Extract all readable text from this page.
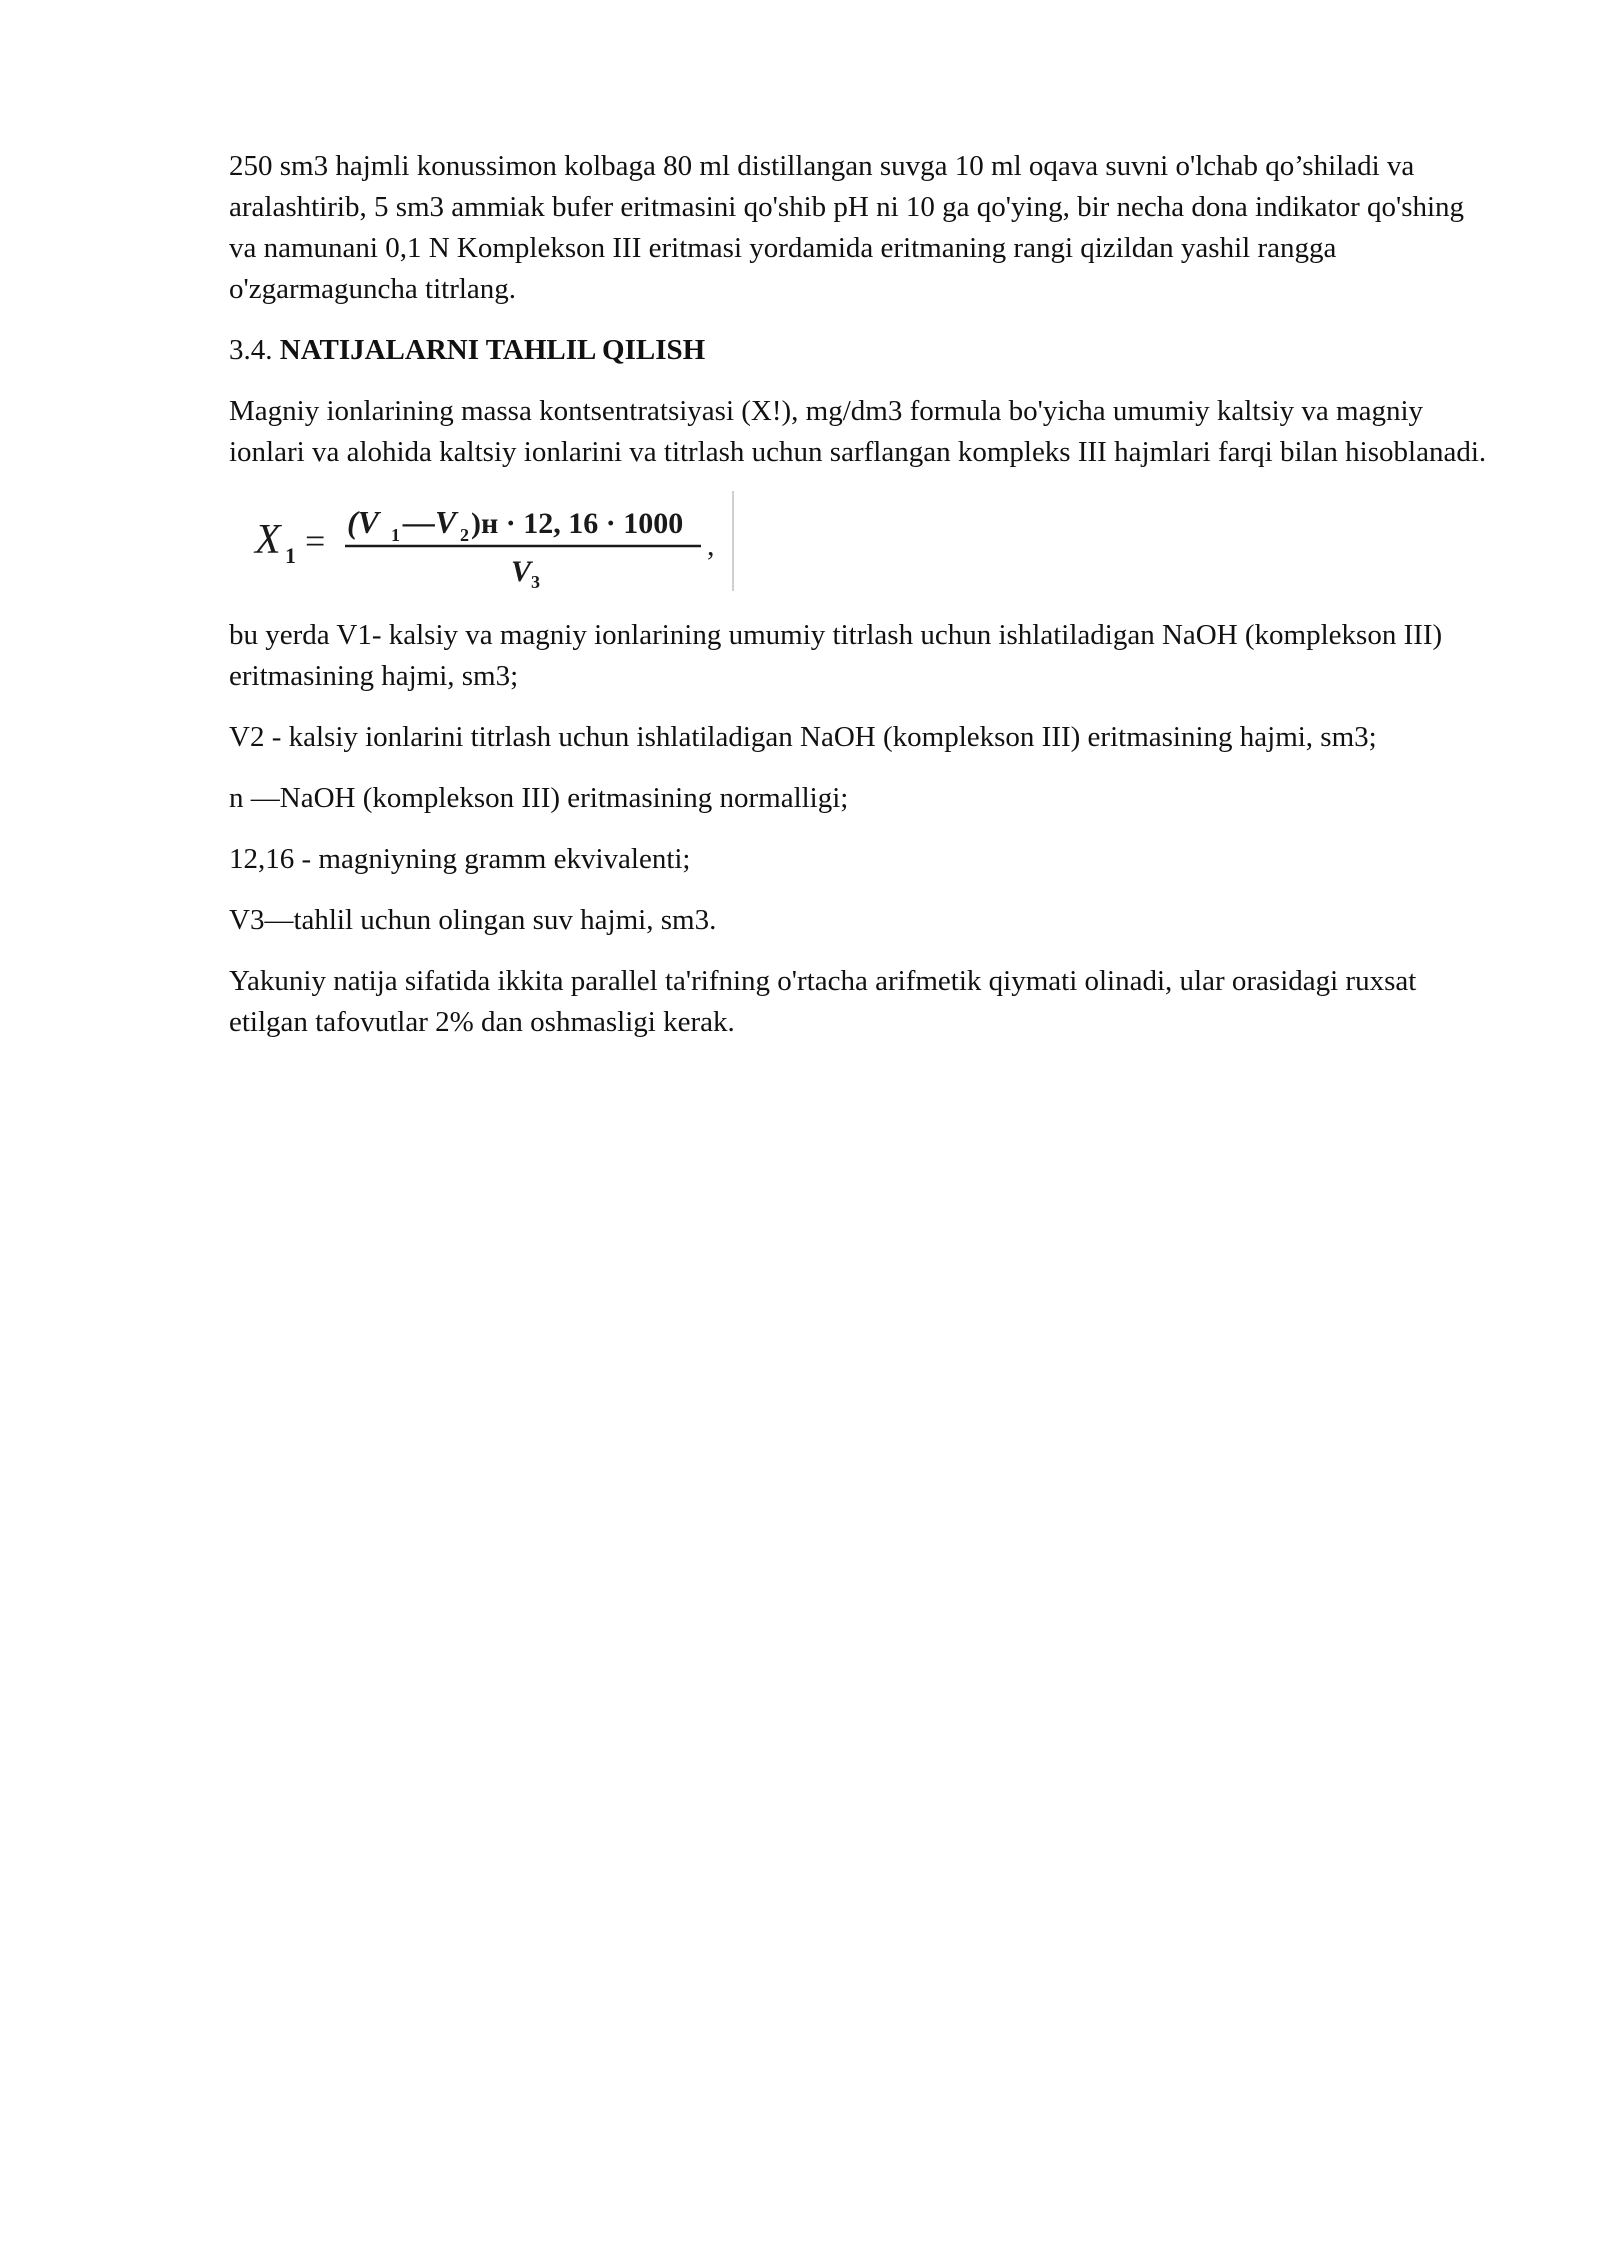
250 sm3 hajmli konussimon kolbaga 80 ml distillangan suvga 10 ml oqava suvni o'lchab qo’shiladi va aralashtirib, 5 sm3 ammiak bufer eritmasini qo'shib pH ni 10 ga qo'ying, bir necha dona indikator qo'shing va namunani 0,1 N Komplekson III eritmasi yordamida eritmaning rangi qizildan yashil rangga o'zgarmaguncha titrlang.

3.4. NATIJALARNI TAHLIL QILISH

Magniy ionlarining massa kontsentratsiyasi (X!), mg/dm3 formula bo'yicha umumiy kaltsiy va magniy ionlari va alohida kaltsiy ionlarini va titrlash uchun sarflangan kompleks III hajmlari farqi bilan hisoblanadi.

X 1 = (V 1 —V 2 )н · 12, 16 · 1000
V 3
,

bu yerda V1- kalsiy va magniy ionlarining umumiy titrlash uchun ishlatiladigan NaOH (komplekson III) eritmasining hajmi, sm3;

V2 - kalsiy ionlarini titrlash uchun ishlatiladigan NaOH (komplekson III) eritmasining hajmi, sm3;

n —NaOH (komplekson III) eritmasining normalligi;

12,16 - magniyning gramm ekvivalenti;

V3—tahlil uchun olingan suv hajmi, sm3.

Yakuniy natija sifatida ikkita parallel ta'rifning o'rtacha arifmetik qiymati olinadi, ular orasidagi ruxsat etilgan tafovutlar 2% dan oshmasligi kerak.
